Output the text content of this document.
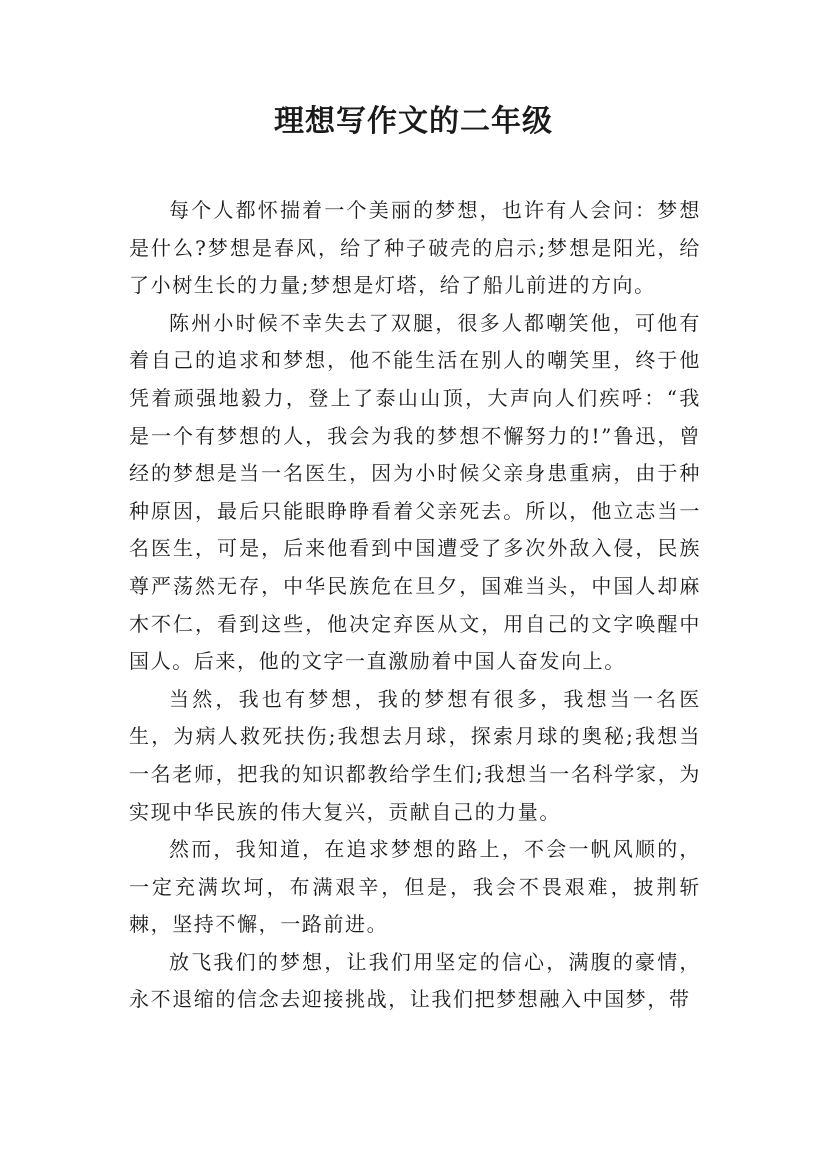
理想写作文的二年级

每个人都怀揣着一个美丽的梦想，也许有人会问：梦想是什么?梦想是春风，给了种子破壳的启示;梦想是阳光，给了小树生长的力量;梦想是灯塔，给了船儿前进的方向。

陈州小时候不幸失去了双腿，很多人都嘲笑他，可他有着自己的追求和梦想，他不能生活在别人的嘲笑里，终于他凭着顽强地毅力，登上了泰山山顶，大声向人们疾呼：“我是一个有梦想的人，我会为我的梦想不懈努力的!”鲁迅，曾经的梦想是当一名医生，因为小时候父亲身患重病，由于种种原因，最后只能眼睁睁看着父亲死去。所以，他立志当一名医生，可是，后来他看到中国遭受了多次外敌入侵，民族尊严荡然无存，中华民族危在旦夕，国难当头，中国人却麻木不仁，看到这些，他决定弃医从文，用自己的文字唤醒中国人。后来，他的文字一直激励着中国人奋发向上。

当然，我也有梦想，我的梦想有很多，我想当一名医生，为病人救死扶伤;我想去月球，探索月球的奥秘;我想当一名老师，把我的知识都教给学生们;我想当一名科学家，为实现中华民族的伟大复兴，贡献自己的力量。

然而，我知道，在追求梦想的路上，不会一帆风顺的，一定充满坎坷，布满艰辛，但是，我会不畏艰难，披荆斩棘，坚持不懈，一路前进。

放飞我们的梦想，让我们用坚定的信心，满腹的豪情，永不退缩的信念去迎接挑战，让我们把梦想融入中国梦，带
